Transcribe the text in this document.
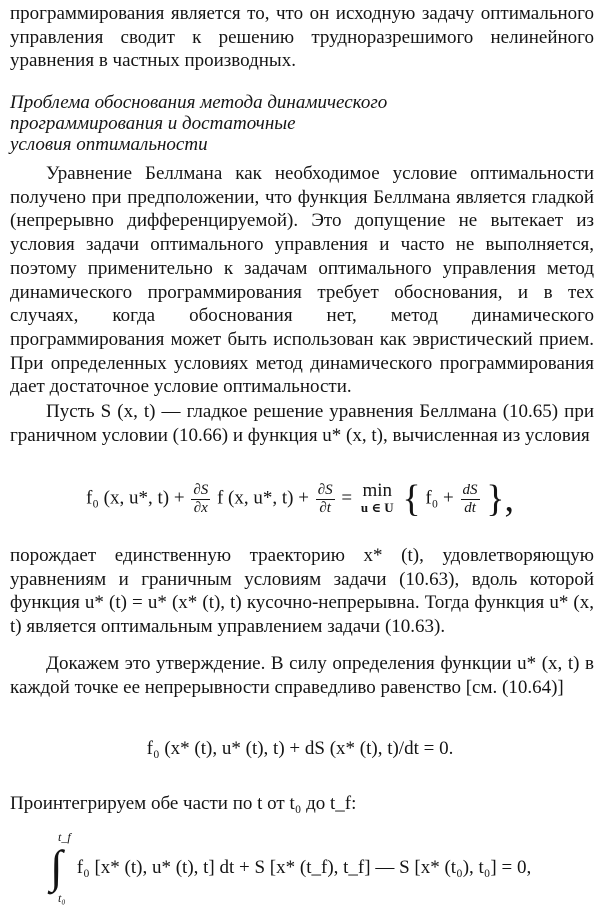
программирования является то, что он исходную задачу оптимального управления сводит к решению трудноразрешимого нелинейного уравнения в частных производных.

Проблема обоснования метода динамического
программирования и достаточные
условия оптимальности

Уравнение Беллмана как необходимое условие оптимальности получено при предположении, что функция Беллмана является гладкой (непрерывно дифференцируемой). Это допущение не вытекает из условия задачи оптимального управления и часто не выполняется, поэтому применительно к задачам оптимального управления метод динамического программирования требует обоснования, и в тех случаях, когда обоснования нет, метод динамического программирования может быть использован как эвристический прием. При определенных условиях метод динамического программирования дает достаточное условие оптимальности.

Пусть S (x, t) — гладкое решение уравнения Беллмана (10.65) при граничном условии (10.66) и функция u* (x, t), вычисленная из условия

f₀ (x, u*, $t) + \frac{\partial S}{\partial x}$ f (x, u*, $t) + \frac{\partial S}{\partial t} = \min$
u ∈ U { $f_0 + \frac{dS}{dt}$ },

порождает единственную траекторию x* (t), удовлетворяющую уравнениям и граничным условиям задачи (10.63), вдоль которой функция u* (t) = u* (x* (t), t) кусочно-непрерывна. Тогда функция u* (x, t) является оптимальным управлением задачи (10.63).

Докажем это утверждение. В силу определения функции u* (x, t) в каждой точке ее непрерывности справедливо равенство [см. (10.64)]

f₀ (x* (t), u* (t), t) + dS (x* (t), t)/dt = 0.

Проинтегрируем обе части по t от t₀ до t_f:

t_f
∫
t₀
f₀ [x* (t), u* (t), t] dt + S [x* (t_f), t_f] — S [x* (t₀), t₀] = 0,
